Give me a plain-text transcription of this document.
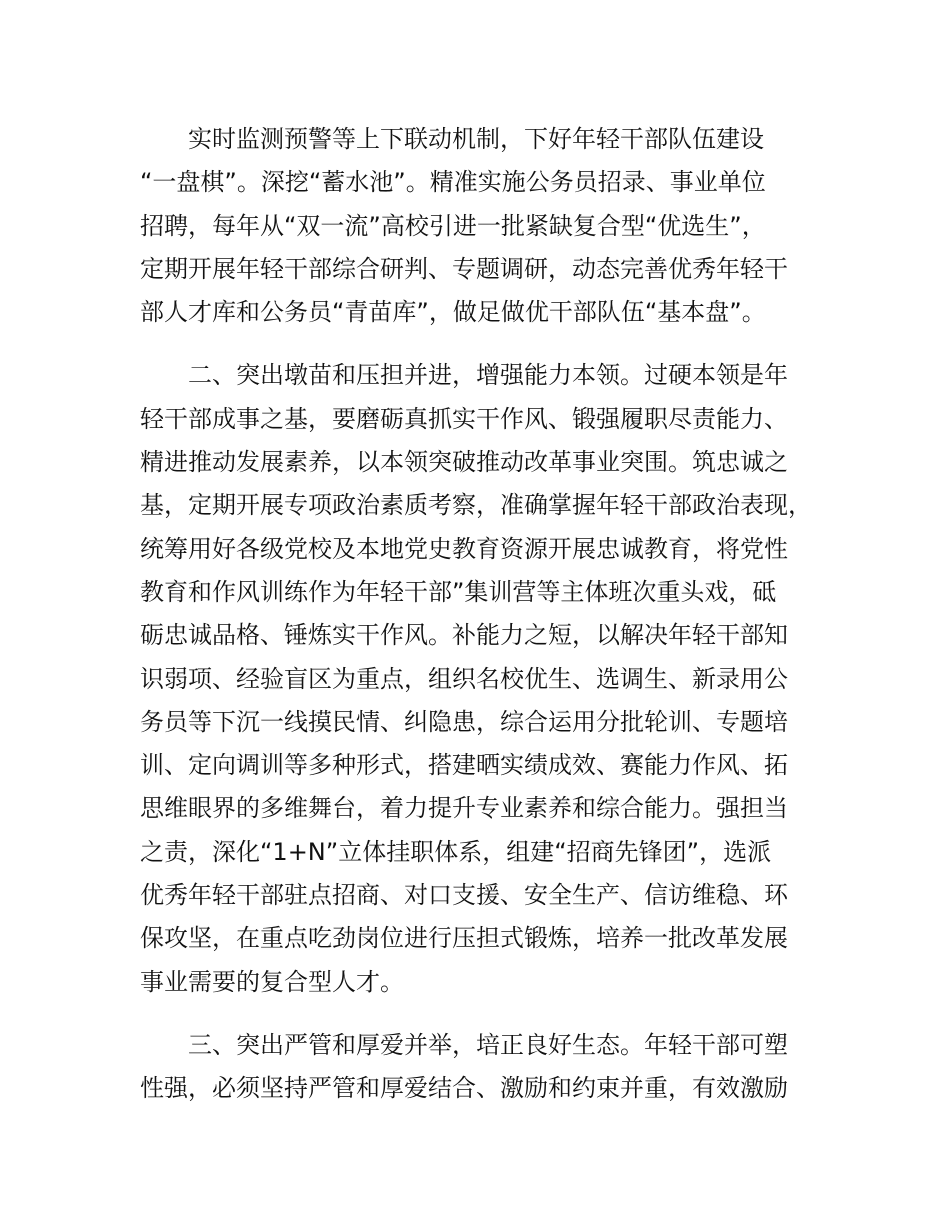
实时监测预警等上下联动机制，下好年轻干部队伍建设
“一盘棋”。深挖“蓄水池”。精准实施公务员招录、事业单位
招聘，每年从“双一流”高校引进一批紧缺复合型“优选生”，
定期开展年轻干部综合研判、专题调研，动态完善优秀年轻干
部人才库和公务员“青苗库”，做足做优干部队伍“基本盘”。
二、突出墩苗和压担并进，增强能力本领。过硬本领是年
轻干部成事之基，要磨砺真抓实干作风、锻强履职尽责能力、
精进推动发展素养，以本领突破推动改革事业突围。筑忠诚之
基，定期开展专项政治素质考察，准确掌握年轻干部政治表现，
统筹用好各级党校及本地党史教育资源开展忠诚教育，将党性
教育和作风训练作为年轻干部”集训营等主体班次重头戏，砥
砺忠诚品格、锤炼实干作风。补能力之短，以解决年轻干部知
识弱项、经验盲区为重点，组织名校优生、选调生、新录用公
务员等下沉一线摸民情、纠隐患，综合运用分批轮训、专题培
训、定向调训等多种形式，搭建晒实绩成效、赛能力作风、拓
思维眼界的多维舞台，着力提升专业素养和综合能力。强担当
之责，深化“1+N”立体挂职体系，组建“招商先锋团”，选派
优秀年轻干部驻点招商、对口支援、安全生产、信访维稳、环
保攻坚，在重点吃劲岗位进行压担式锻炼，培养一批改革发展
事业需要的复合型人才。
三、突出严管和厚爱并举，培正良好生态。年轻干部可塑
性强，必须坚持严管和厚爱结合、激励和约束并重，有效激励
